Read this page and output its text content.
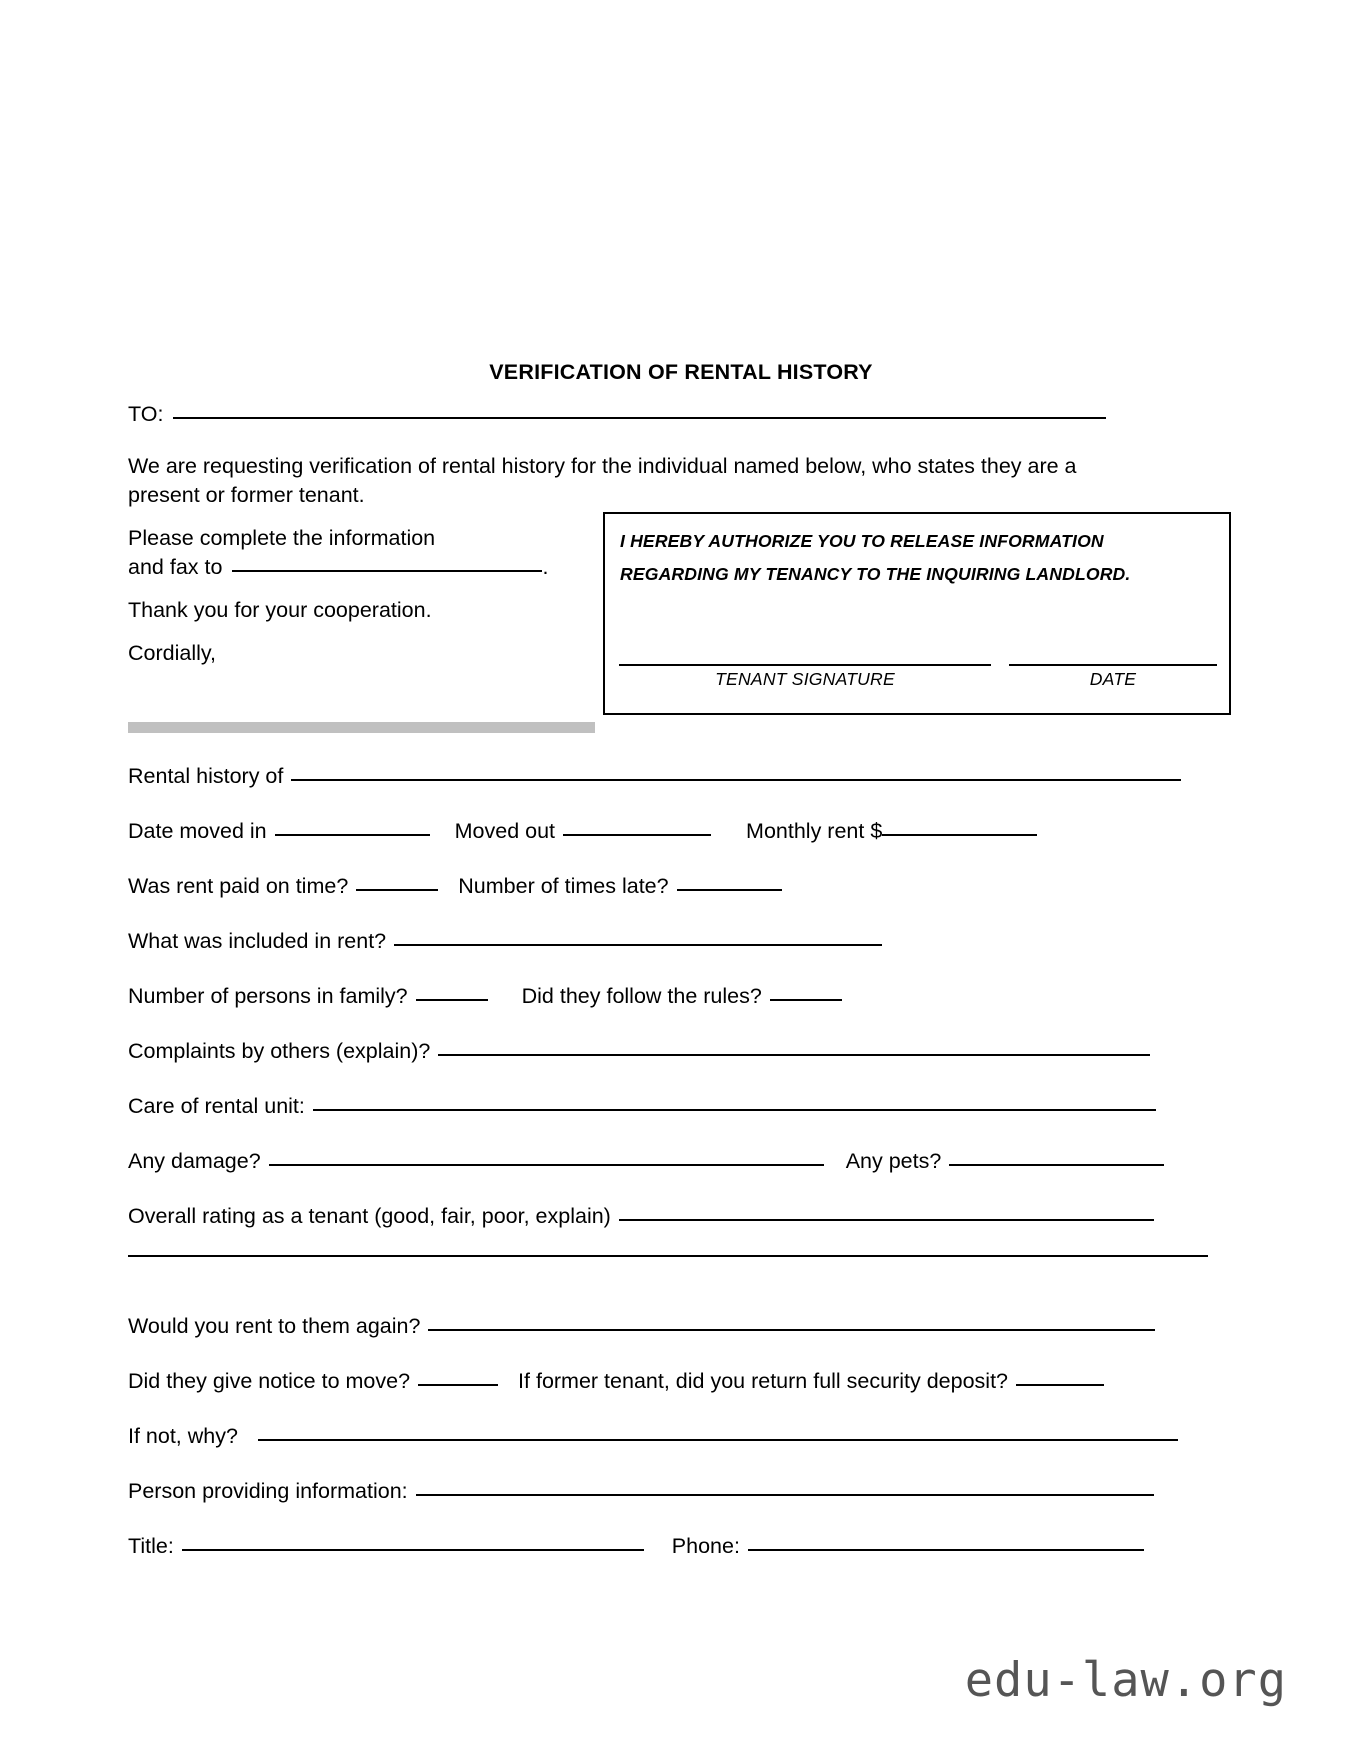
VERIFICATION OF RENTAL HISTORY
TO:
We are requesting verification of rental history for the individual named below, who states they are a
present or former tenant.
Please complete the information
and fax to	.
Thank you for your cooperation.
Cordially,
I HEREBY AUTHORIZE YOU TO RELEASE INFORMATION
REGARDING MY TENANCY TO THE INQUIRING LANDLORD.
TENANT SIGNATURE	DATE
Rental history of
Date moved in	Moved out	Monthly rent $
Was rent paid on time?	Number of times late?
What was included in rent?
Number of persons in family?	Did they follow the rules?
Complaints by others (explain)?
Care of rental unit:
Any damage?	Any pets?
Overall rating as a tenant (good, fair, poor, explain)
Would you rent to them again?
Did they give notice to move?	If former tenant, did you return full security deposit?
If not, why?
Person providing information:
Title:	Phone:
edu-law.org
